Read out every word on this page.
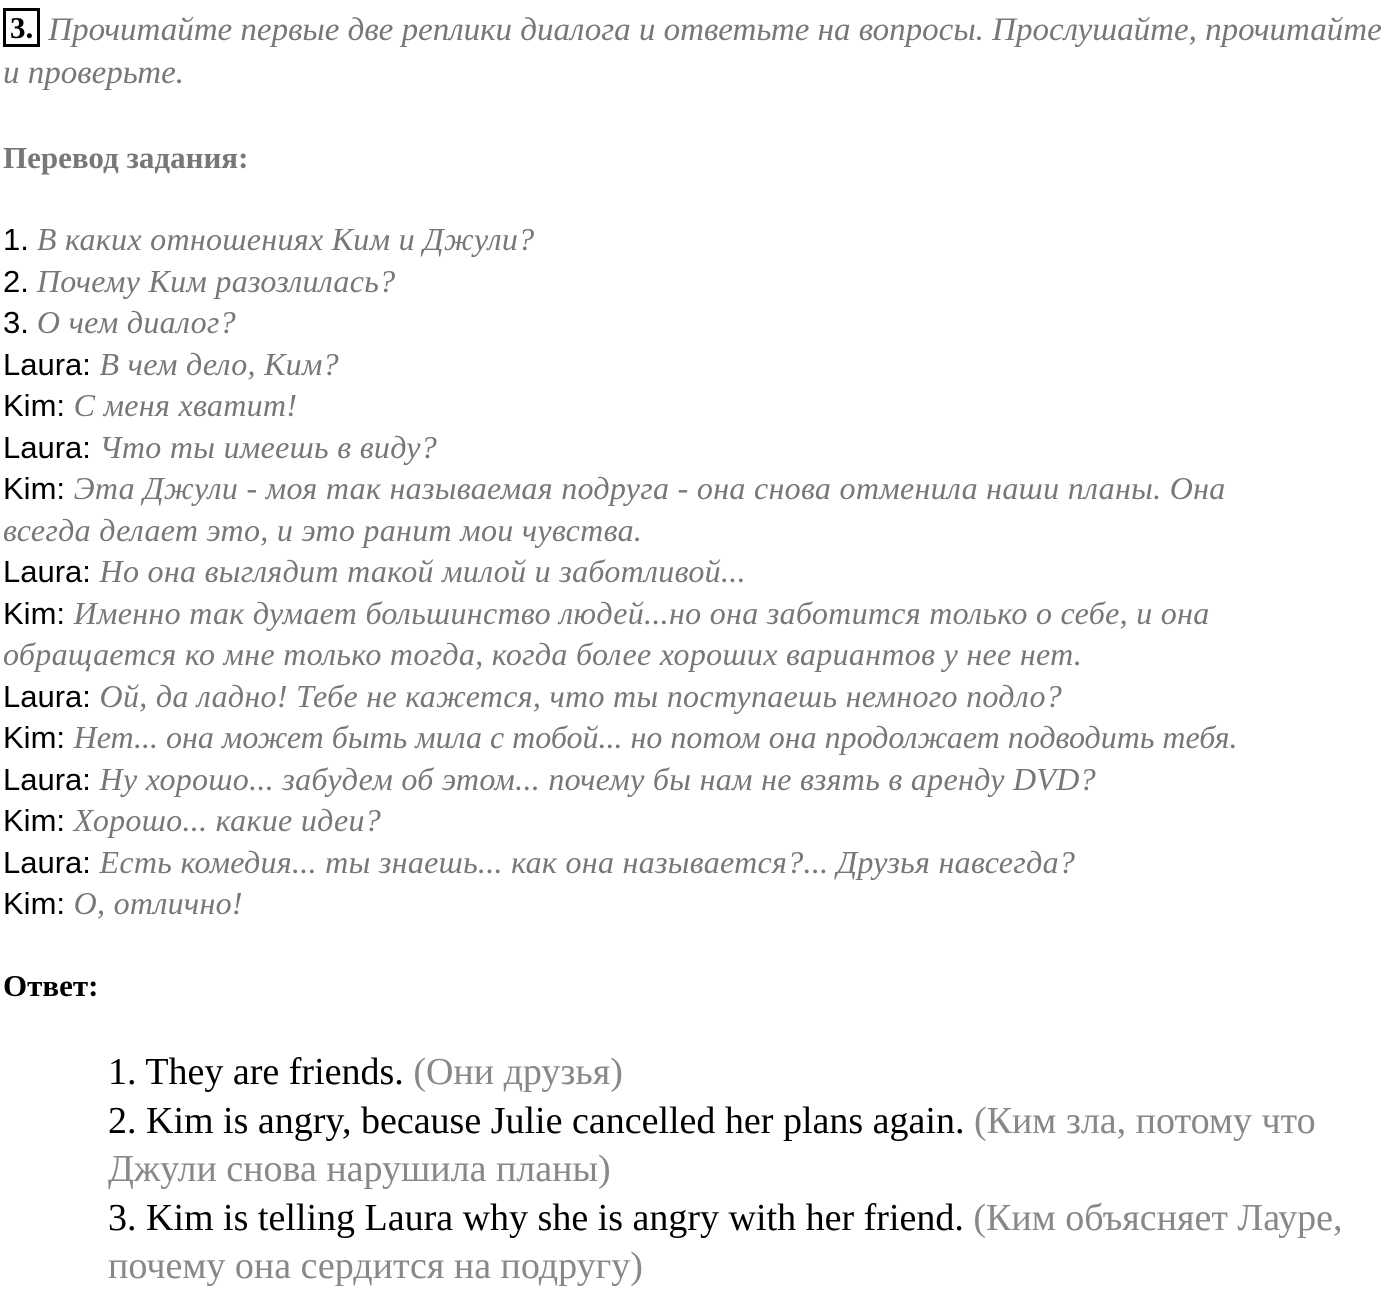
3. Прочитайте первые две реплики диалога и ответьте на вопросы. Прослушайте, прочитайте и проверьте.
Перевод задания:
1. В каких отношениях Ким и Джули?
2. Почему Ким разозлилась?
3. О чем диалог?
Laura: В чем дело, Ким?
Kim: С меня хватит!
Laura: Что ты имеешь в виду?
Kim: Эта Джули - моя так называемая подруга - она снова отменила наши планы. Она
всегда делает это, и это ранит мои чувства.
Laura: Но она выглядит такой милой и заботливой...
Kim: Именно так думает большинство людей...но она заботится только о себе, и она
обращается ко мне только тогда, когда более хороших вариантов у нее нет.
Laura: Ой, да ладно! Тебе не кажется, что ты поступаешь немного подло?
Kim: Нет... она может быть мила с тобой... но потом она продолжает подводить тебя.
Laura: Ну хорошо... забудем об этом... почему бы нам не взять в аренду DVD?
Kim: Хорошо... какие идеи?
Laura: Есть комедия... ты знаешь... как она называется?... Друзья навсегда?
Kim: О, отлично!
Ответ:
1. They are friends. (Они друзья)
2. Kim is angry, because Julie cancelled her plans again. (Ким зла, потому что Джули снова нарушила планы)
3. Kim is telling Laura why she is angry with her friend. (Ким объясняет Лауре, почему она сердится на подругу)
